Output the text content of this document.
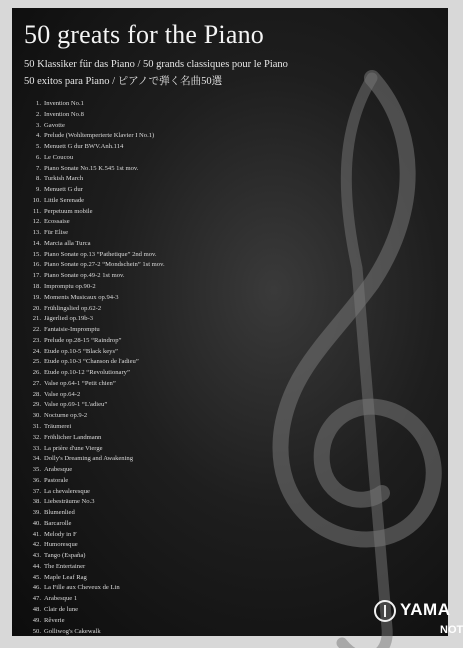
50 greats for the Piano
50 Klassiker für das Piano / 50 grands classiques pour le Piano
50 exitos para Piano / ピアノで弾く名曲50選
1. Invention No.1
2. Invention No.8
3. Gavotte
4. Prelude (Wohltemperierte Klavier I No.1)
5. Menuett G dur BWV.Anh.114
6. Le Coucou
7. Piano Sonate No.15 K.545 1st mov.
8. Turkish March
9. Menuett G dur
10. Little Serenade
11. Perpetuum mobile
12. Ecossaise
13. Für Elise
14. Marcia alla Turca
15. Piano Sonate op.13 “Pathetique” 2nd mov.
16. Piano Sonate op.27-2 “Mondschein” 1st mov.
17. Piano Sonate op.49-2 1st mov.
18. Impromptu op.90-2
19. Moments Musicaux op.94-3
20. Frühlingslied op.62-2
21. Jägerlied op.19b-3
22. Fantaisie-Impromptu
23. Prelude op.28-15 “Raindrop”
24. Etude op.10-5 “Black keys”
25. Etude op.10-3 “Chanson de l'adieu”
26. Etude op.10-12 “Revolutionary”
27. Valse op.64-1 “Petit chien”
28. Valse op.64-2
29. Valse op.69-1 “L'adieu”
30. Nocturne op.9-2
31. Träumerei
32. Fröhlicher Landmann
33. La prière d'une Vierge
34. Dolly's Dreaming and Awakening
35. Arabesque
36. Pastorale
37. La chevaleresque
38. Liebesträume No.3
39. Blumenlied
40. Barcarolle
41. Melody in F
42. Humoresque
43. Tango (España)
44. The Entertainer
45. Maple Leaf Rag
46. La Fille aux Cheveux de Lin
47. Arabesque 1
48. Clair de lune
49. Rêverie
50. Golliwog's Cakewalk
YAMA
NOT
